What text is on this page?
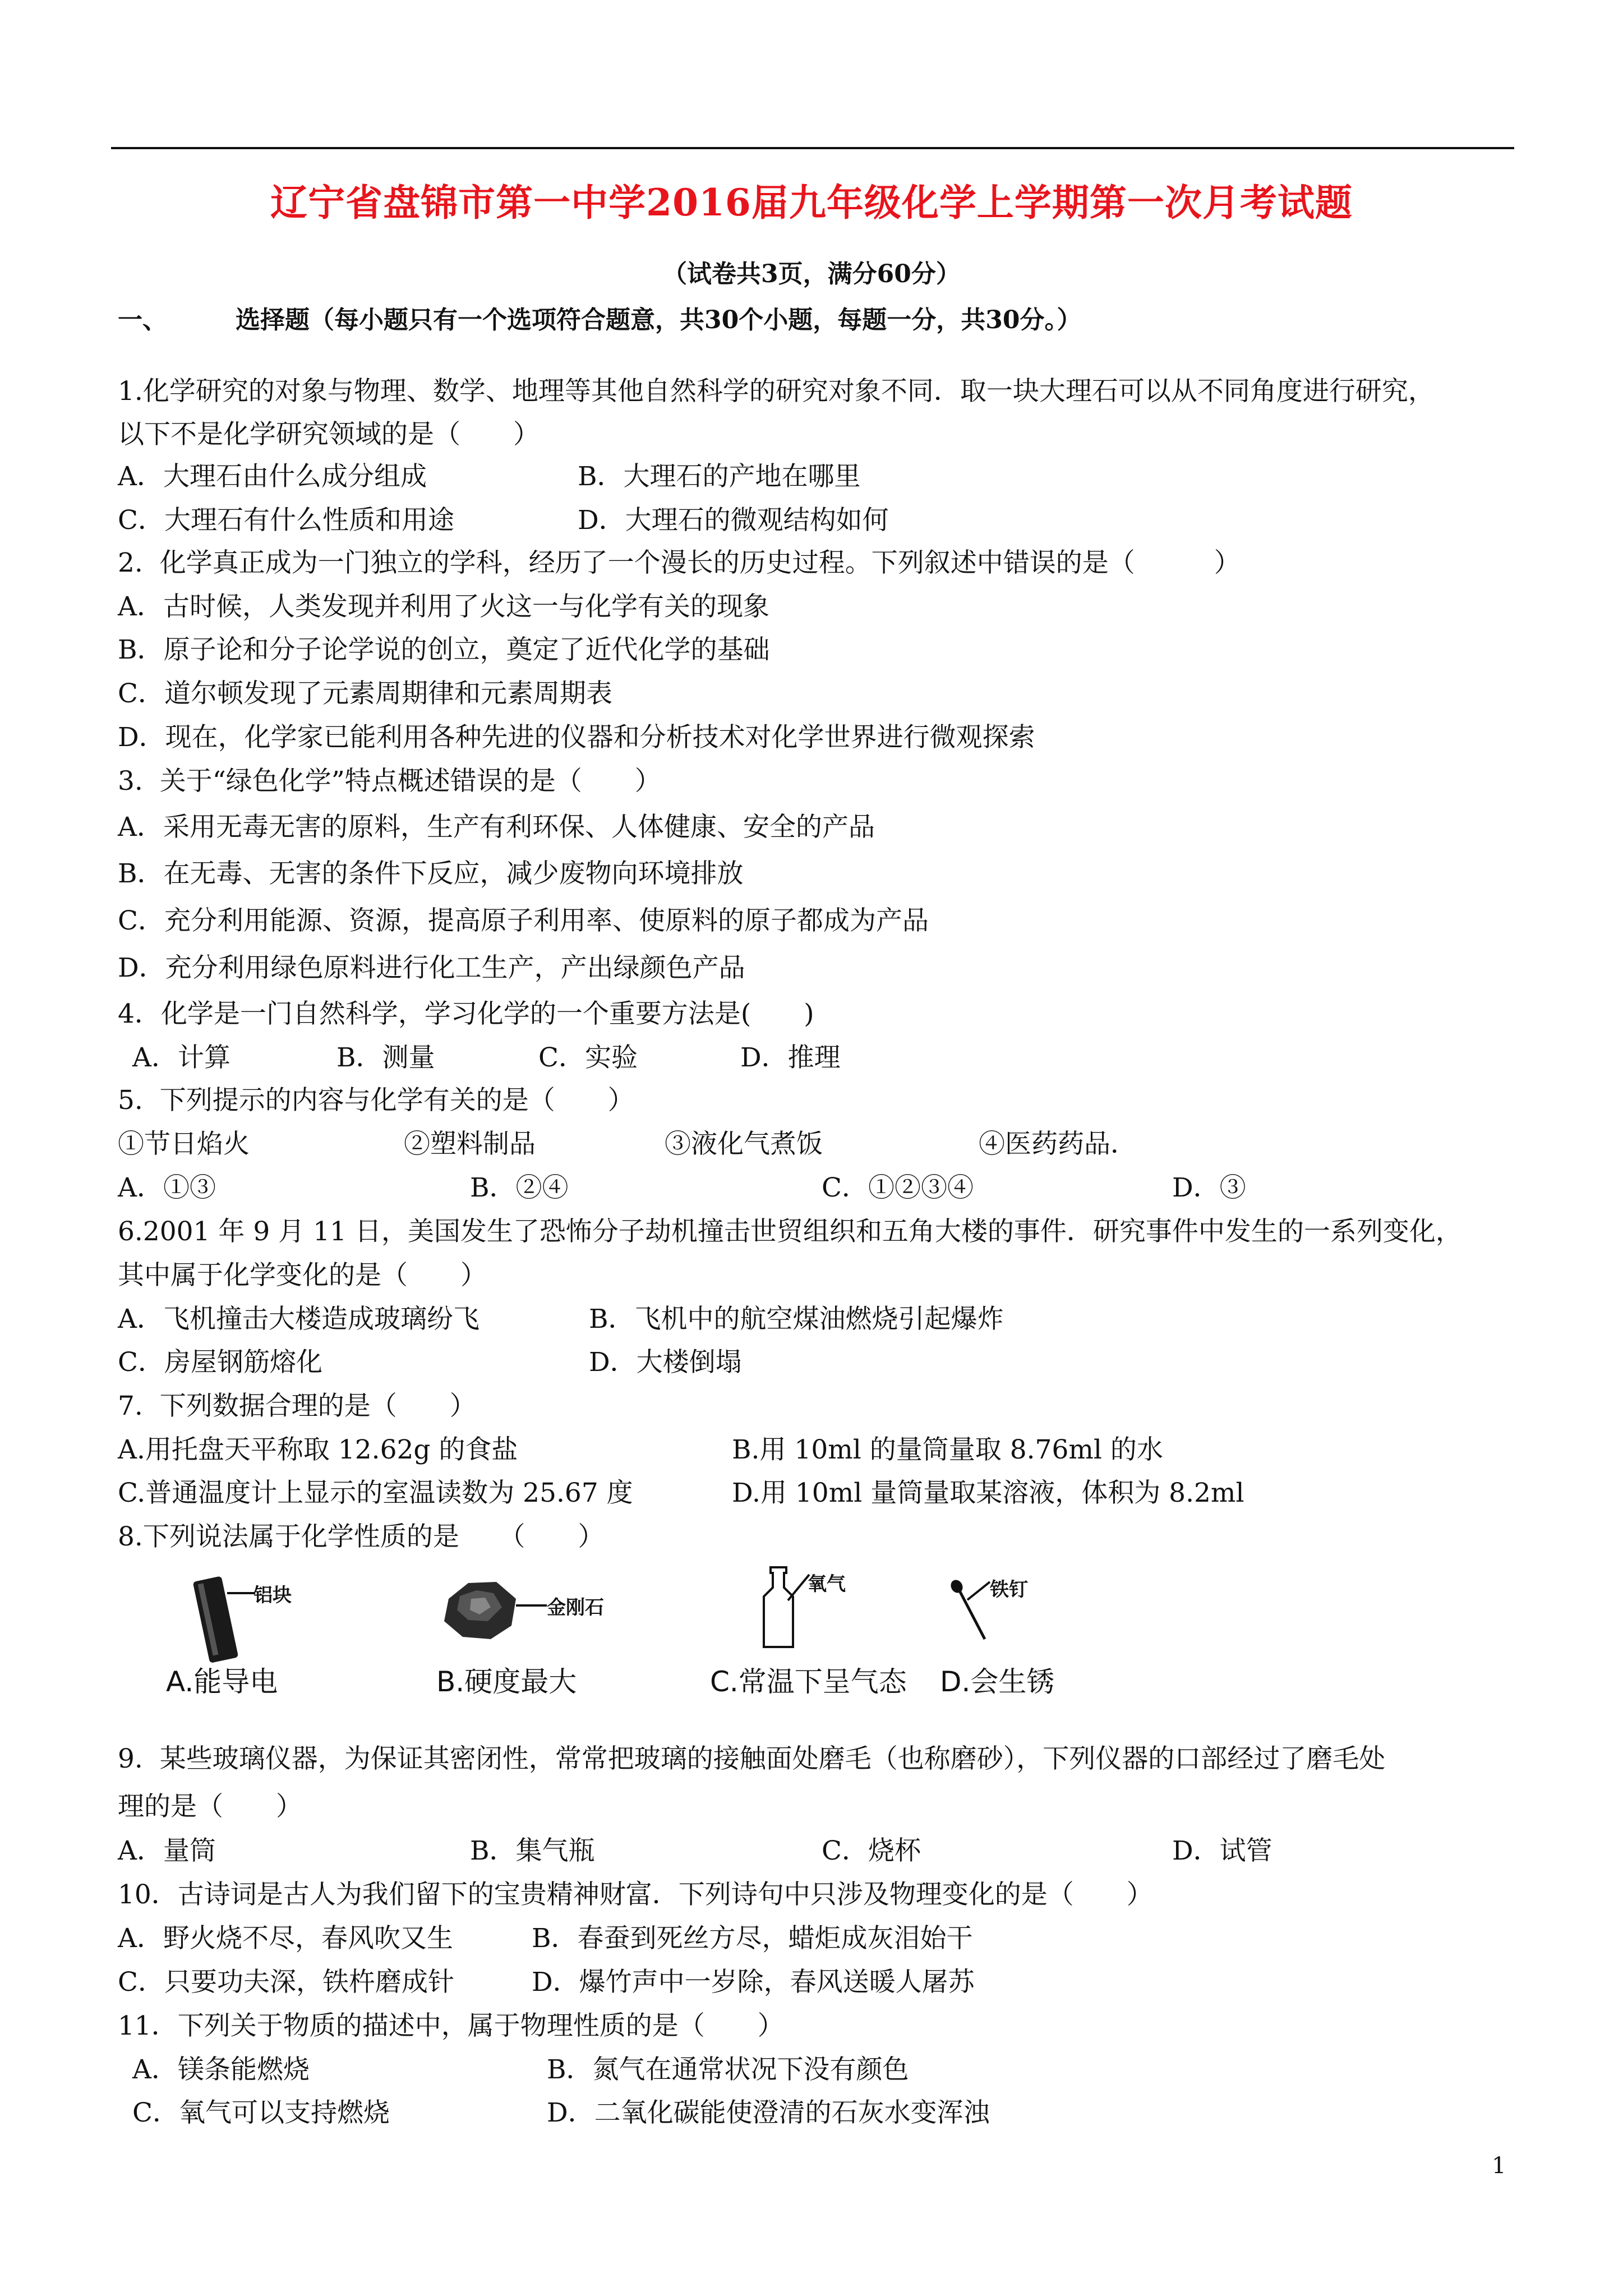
辽宁省盘锦市第一中学2016届九年级化学上学期第一次月考试题
（试卷共3页，满分60分）
一、	选择题（每小题只有一个选项符合题意，共30个小题，每题一分，共30分。）
1.化学研究的对象与物理、数学、地理等其他自然科学的研究对象不同．取一块大理石可以从不同角度进行研究，
以下不是化学研究领域的是（　　）
A．大理石由什么成分组成	B．大理石的产地在哪里
C．大理石有什么性质和用途	D．大理石的微观结构如何
2.  化学真正成为一门独立的学科，经历了一个漫长的历史过程。下列叙述中错误的是（　　　）
A．古时候，人类发现并利用了火这一与化学有关的现象
B．原子论和分子论学说的创立，奠定了近代化学的基础
C．道尔顿发现了元素周期律和元素周期表
D．现在，化学家已能利用各种先进的仪器和分析技术对化学世界进行微观探索
3.  关于“绿色化学”特点概述错误的是（　　）
A．采用无毒无害的原料，生产有利环保、人体健康、安全的产品
B．在无毒、无害的条件下反应，减少废物向环境排放
C．充分利用能源、资源，提高原子利用率、使原料的原子都成为产品
D．充分利用绿色原料进行化工生产，产出绿颜色产品
4．化学是一门自然科学，学习化学的一个重要方法是(　　)
A．计算	B．测量	C．实验	D．推理
5.  下列提示的内容与化学有关的是（　　）
①节日焰火	②塑料制品	③液化气煮饭	④医药药品．
A．①③	B．②④	C．①②③④	D．③
6.2001 年 9 月 11 日，美国发生了恐怖分子劫机撞击世贸组织和五角大楼的事件．研究事件中发生的一系列变化，
其中属于化学变化的是（　　）
A．飞机撞击大楼造成玻璃纷飞	B．飞机中的航空煤油燃烧引起爆炸
C．房屋钢筋熔化	D．大楼倒塌
7.  下列数据合理的是（　　）
A.用托盘天平称取 12.62g 的食盐	B.用 10ml 的量筒量取 8.76ml 的水
C.普通温度计上显示的室温读数为 25.67 度	D.用 10ml 量筒量取某溶液，体积为 8.2ml
8.下列说法属于化学性质的是　　（　　）
铝块
A.能导电
金刚石
B.硬度最大
氧气
C.常温下呈气态
铁钉
D.会生锈
9.  某些玻璃仪器，为保证其密闭性，常常把玻璃的接触面处磨毛（也称磨砂），下列仪器的口部经过了磨毛处
理的是（　　）
A．量筒	B．集气瓶	C．烧杯	D．试管
10．古诗词是古人为我们留下的宝贵精神财富．下列诗句中只涉及物理变化的是（　　）
A．野火烧不尽，春风吹又生	B．春蚕到死丝方尽，蜡炬成灰泪始干
C．只要功夫深，铁杵磨成针	D．爆竹声中一岁除，春风送暖人屠苏
11．下列关于物质的描述中，属于物理性质的是（　　）
A．镁条能燃烧	B．氮气在通常状况下没有颜色
C．氧气可以支持燃烧	D．二氧化碳能使澄清的石灰水变浑浊
1
